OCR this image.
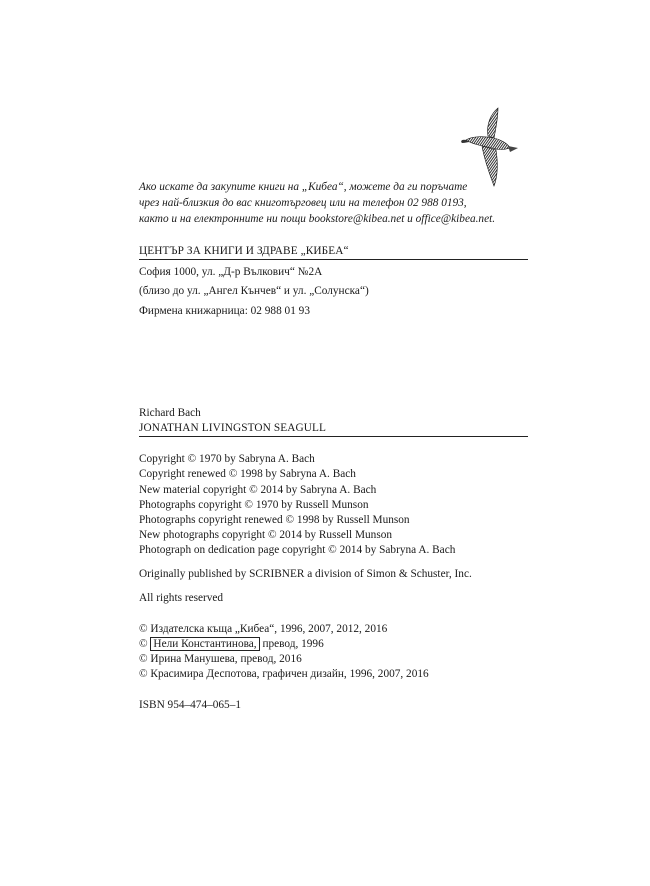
Ако искате да закупите книги на „Кибеа“, можете да ги поръчате
чрез най-близкия до вас книготърговец или на телефон 02 988 0193,
както и на електронните ни пощи bookstore@kibea.net и office@kibea.net.
ЦЕНТЪР ЗА КНИГИ И ЗДРАВЕ „КИБЕА“
София 1000, ул. „Д-р Вълкович“ №2А
(близо до ул. „Ангел Кънчев“ и ул. „Солунска“)
Фирмена книжарница: 02 988 01 93
Richard Bach
JONATHAN LIVINGSTON SEAGULL
Copyright © 1970 by Sabryna A. Bach
Copyright renewed © 1998 by Sabryna A. Bach
New material copyright © 2014 by Sabryna A. Bach
Photographs copyright © 1970 by Russell Munson
Photographs copyright renewed © 1998 by Russell Munson
New photographs copyright © 2014 by Russell Munson
Photograph on dedication page copyright © 2014 by Sabryna A. Bach
Originally published by SCRIBNER a division of Simon & Schuster, Inc.
All rights reserved
© Издателска къща „Кибеа“, 1996, 2007, 2012, 2016
© Нели Константинова, превод, 1996
© Ирина Манушева, превод, 2016
© Красимира Деспотова, графичен дизайн, 1996, 2007, 2016
ISBN 954–474–065–1
